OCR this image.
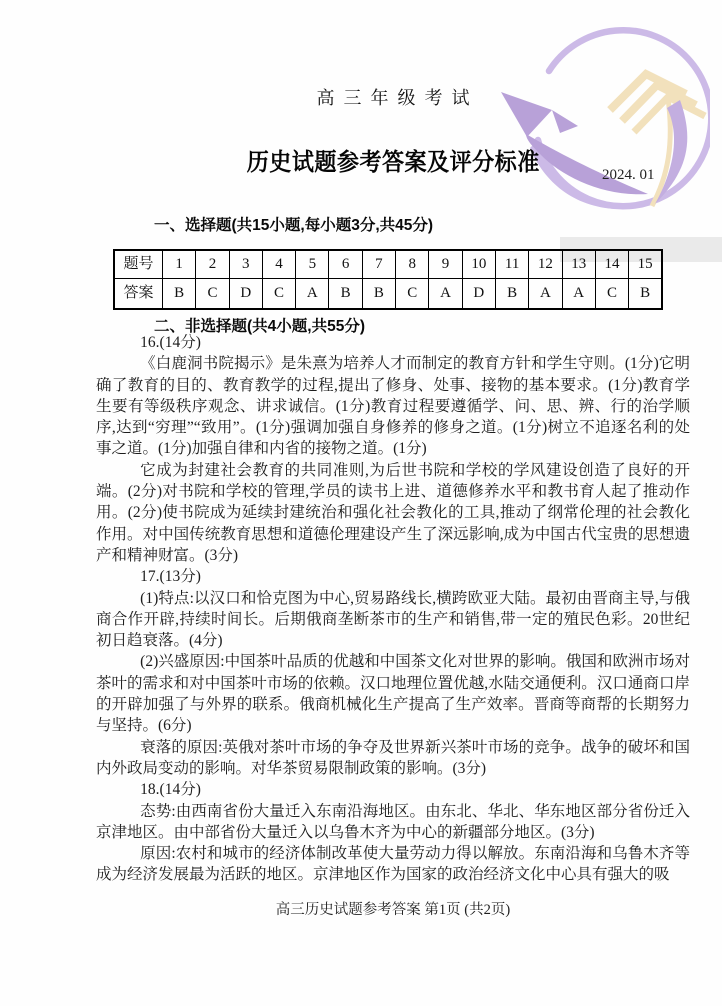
高三年级考试
历史试题参考答案及评分标准	2024. 01
一、选择题(共15小题,每小题3分,共45分)
题号	1	2	3	4	5	6	7	8	9	10	11	12	13	14	15
答案	B	C	D	C	A	B	B	C	A	D	B	A	A	C	B
二、非选择题(共4小题,共55分)

16.(14分)

《白鹿洞书院揭示》是朱熹为培养人才而制定的教育方针和学生守则。(1分)它明确了教育的目的、教育教学的过程,提出了修身、处事、接物的基本要求。(1分)教育学生要有等级秩序观念、讲求诚信。(1分)教育过程要遵循学、问、思、辨、行的治学顺序,达到“穷理”“致用”。(1分)强调加强自身修养的修身之道。(1分)树立不追逐名利的处事之道。(1分)加强自律和内省的接物之道。(1分)

它成为封建社会教育的共同准则,为后世书院和学校的学风建设创造了良好的开端。(2分)对书院和学校的管理,学员的读书上进、道德修养水平和教书育人起了推动作用。(2分)使书院成为延续封建统治和强化社会教化的工具,推动了纲常伦理的社会教化作用。对中国传统教育思想和道德伦理建设产生了深远影响,成为中国古代宝贵的思想遗产和精神财富。(3分)

17.(13分)

(1)特点:以汉口和恰克图为中心,贸易路线长,横跨欧亚大陆。最初由晋商主导,与俄商合作开辟,持续时间长。后期俄商垄断茶市的生产和销售,带一定的殖民色彩。20世纪初日趋衰落。(4分)

(2)兴盛原因:中国茶叶品质的优越和中国茶文化对世界的影响。俄国和欧洲市场对茶叶的需求和对中国茶叶市场的依赖。汉口地理位置优越,水陆交通便利。汉口通商口岸的开辟加强了与外界的联系。俄商机械化生产提高了生产效率。晋商等商帮的长期努力与坚持。(6分)

衰落的原因:英俄对茶叶市场的争夺及世界新兴茶叶市场的竞争。战争的破坏和国内外政局变动的影响。对华茶贸易限制政策的影响。(3分)

18.(14分)

态势:由西南省份大量迁入东南沿海地区。由东北、华北、华东地区部分省份迁入京津地区。由中部省份大量迁入以乌鲁木齐为中心的新疆部分地区。(3分)

原因:农村和城市的经济体制改革使大量劳动力得以解放。东南沿海和乌鲁木齐等成为经济发展最为活跃的地区。京津地区作为国家的政治经济文化中心具有强大的吸

高三历史试题参考答案 第1页 (共2页)
